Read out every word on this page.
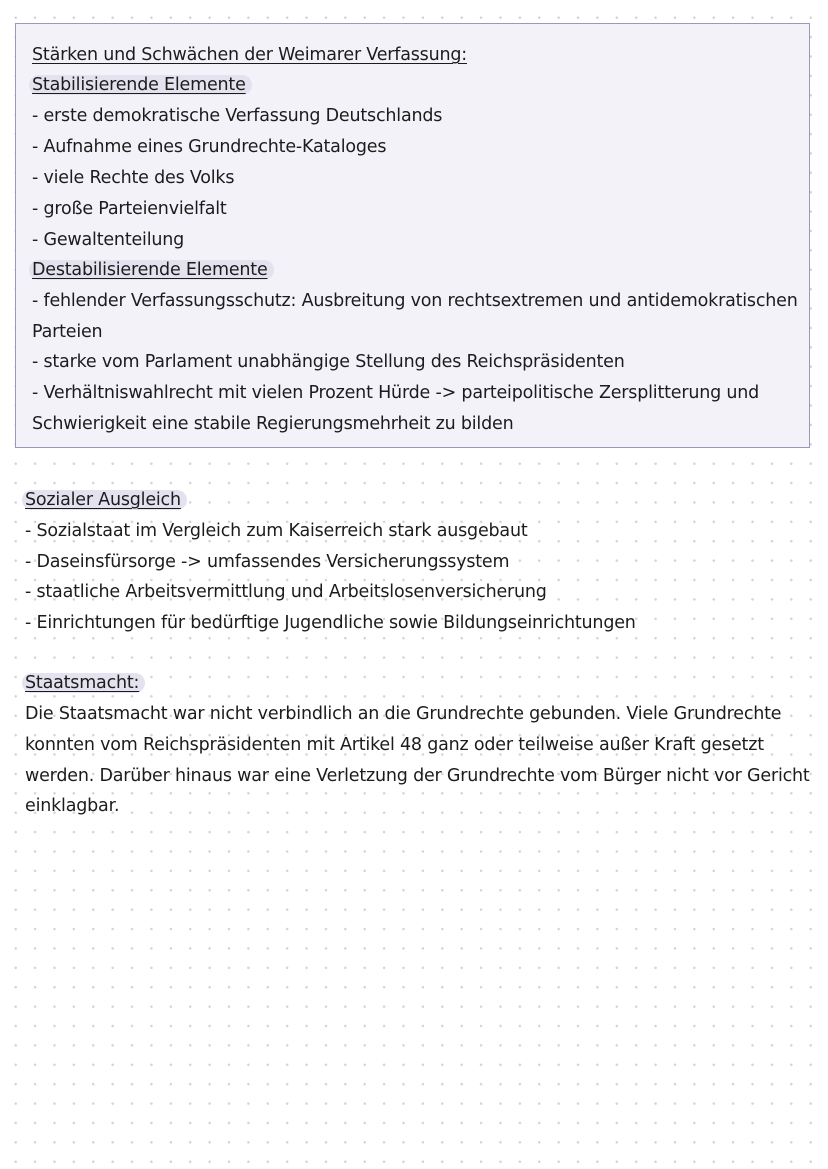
Stärken und Schwächen der Weimarer Verfassung:
Stabilisierende Elemente
- erste demokratische Verfassung Deutschlands
- Aufnahme eines Grundrechte-Kataloges
- viele Rechte des Volks
- große Parteienvielfalt
- Gewaltenteilung
Destabilisierende Elemente
- fehlender Verfassungsschutz: Ausbreitung von rechtsextremen und antidemokratischen
Parteien
- starke vom Parlament unabhängige Stellung des Reichspräsidenten
- Verhältniswahlrecht mit vielen Prozent Hürde -> parteipolitische Zersplitterung und
Schwierigkeit eine stabile Regierungsmehrheit zu bilden
Sozialer Ausgleich
- Sozialstaat im Vergleich zum Kaiserreich stark ausgebaut
- Daseinsfürsorge -> umfassendes Versicherungssystem
- staatliche Arbeitsvermittlung und Arbeitslosenversicherung
- Einrichtungen für bedürftige Jugendliche sowie Bildungseinrichtungen
Staatsmacht:
Die Staatsmacht war nicht verbindlich an die Grundrechte gebunden. Viele Grundrechte
konnten vom Reichspräsidenten mit Artikel 48 ganz oder teilweise außer Kraft gesetzt
werden. Darüber hinaus war eine Verletzung der Grundrechte vom Bürger nicht vor Gericht
einklagbar.
